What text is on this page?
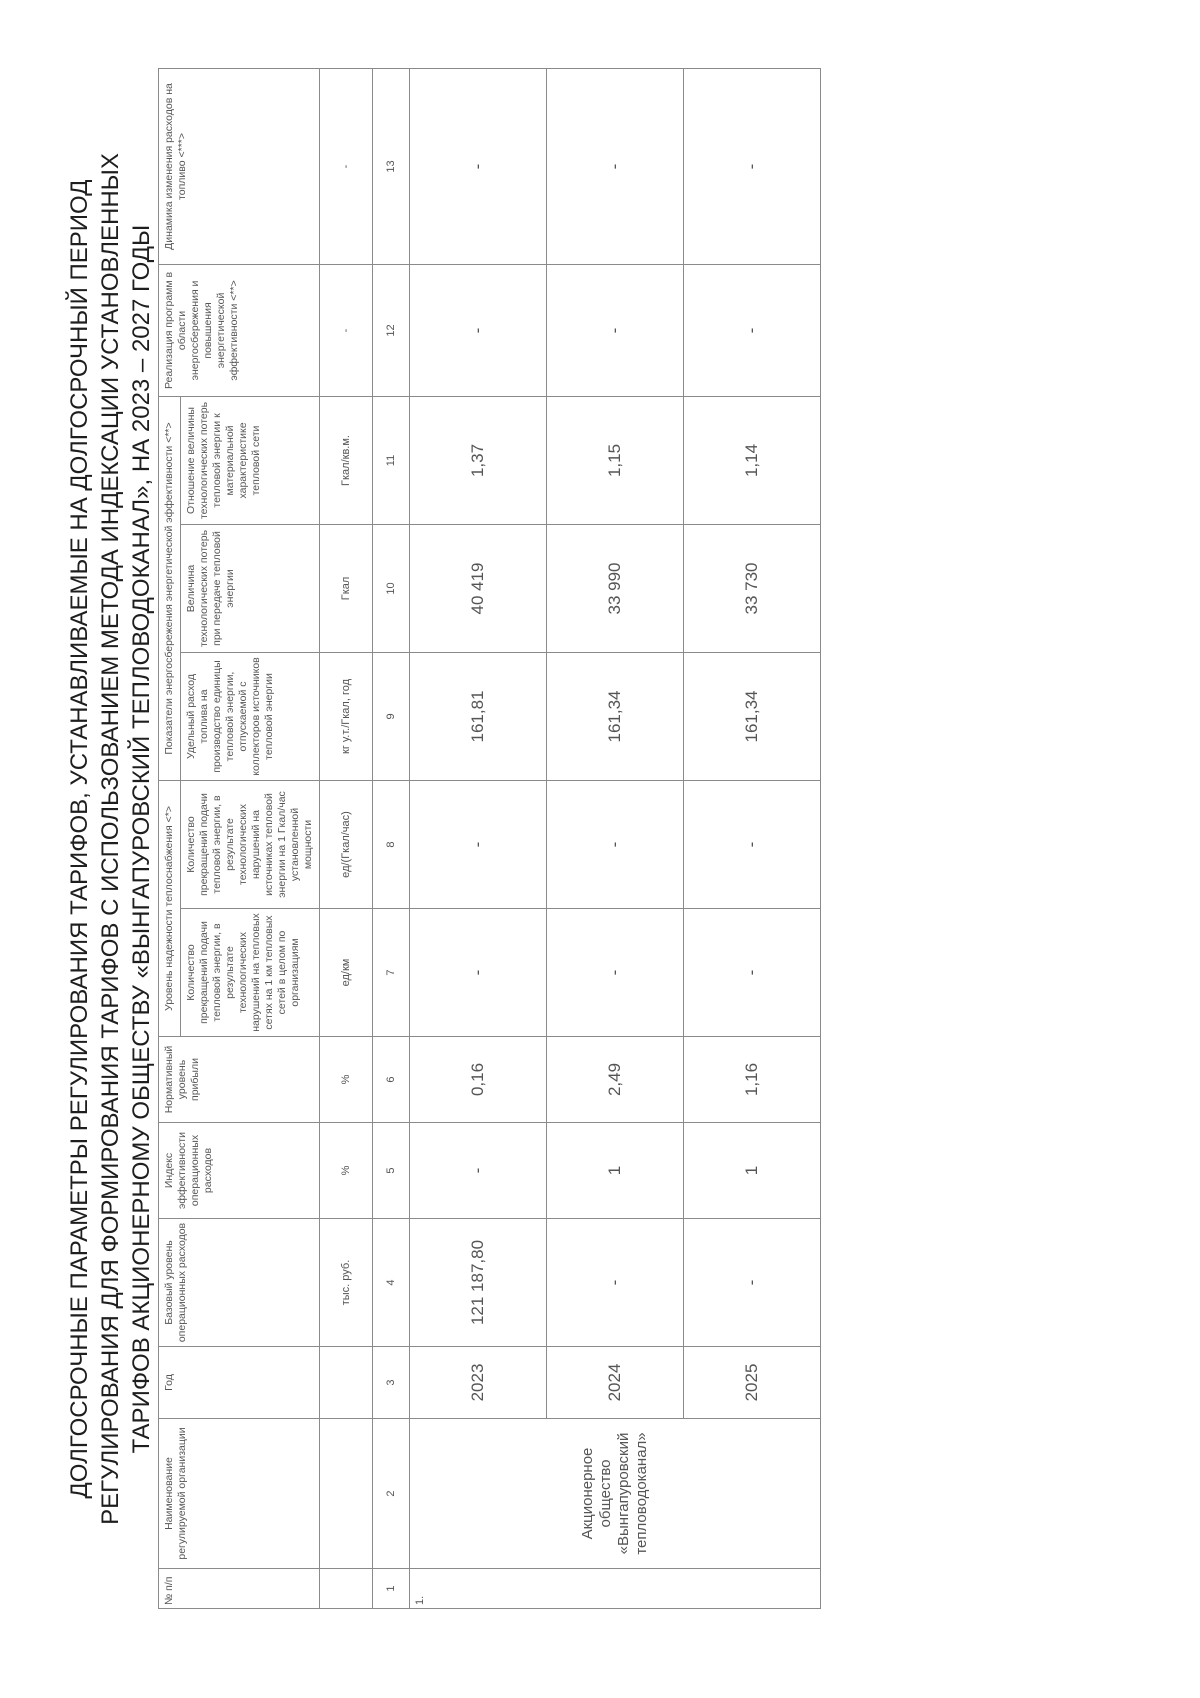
ДОЛГОСРОЧНЫЕ ПАРАМЕТРЫ РЕГУЛИРОВАНИЯ ТАРИФОВ, УСТАНАВЛИВАЕМЫЕ НА ДОЛГОСРОЧНЫЙ ПЕРИОД РЕГУЛИРОВАНИЯ ДЛЯ ФОРМИРОВАНИЯ ТАРИФОВ С ИСПОЛЬЗОВАНИЕМ МЕТОДА ИНДЕКСАЦИИ УСТАНОВЛЕННЫХ ТАРИФОВ АКЦИОНЕРНОМУ ОБЩЕСТВУ «ВЫНГАПУРОВСКИЙ ТЕПЛОВОДОКАНАЛ», НА 2023 – 2027 ГОДЫ
№ п/п	Наименование регулируемой организации	Год	Базовый уровень операционных расходов	Индекс эффективности операционных расходов	Нормативный уровень прибыли	Уровень надежности теплоснабжения <*>		Показатели энергосбережения энергетической эффективности <**>			Реализация программ в области энергосбережения и повышения энергетической эффективности <**>	Динамика изменения расходов на топливо <***>
						Количество прекращений подачи тепловой энергии, в результате технологических нарушений на тепловых сетях на 1 км тепловых сетей в целом по организациям	Количество прекращений подачи тепловой энергии, в результате технологических нарушений на источниках тепловой энергии на 1 Гкал/час установленной мощности	Удельный расход топлива на производство единицы тепловой энергии, отпускаемой с коллекторов источников тепловой энергии	Величина технологических потерь при передаче тепловой энергии	Отношение величины технологических потерь тепловой энергии к материальной характеристике тепловой сети		
			тыс. руб.	%	%	ед/км	ед/(Гкал/час)	кг у.т./Гкал, год	Гкал	Гкал/кв.м.	-	-
1	2	3	4	5	6	7	8	9	10	11	12	13
1.	Акционерное общество «Вынгапуровский тепловодоканал»	2023	121 187,80	-	0,16	-	-	161,81	40 419	1,37	-	-
		2024	-	1	2,49	-	-	161,34	33 990	1,15	-	-
		2025	-	1	1,16	-	-	161,34	33 730	1,14	-	-
